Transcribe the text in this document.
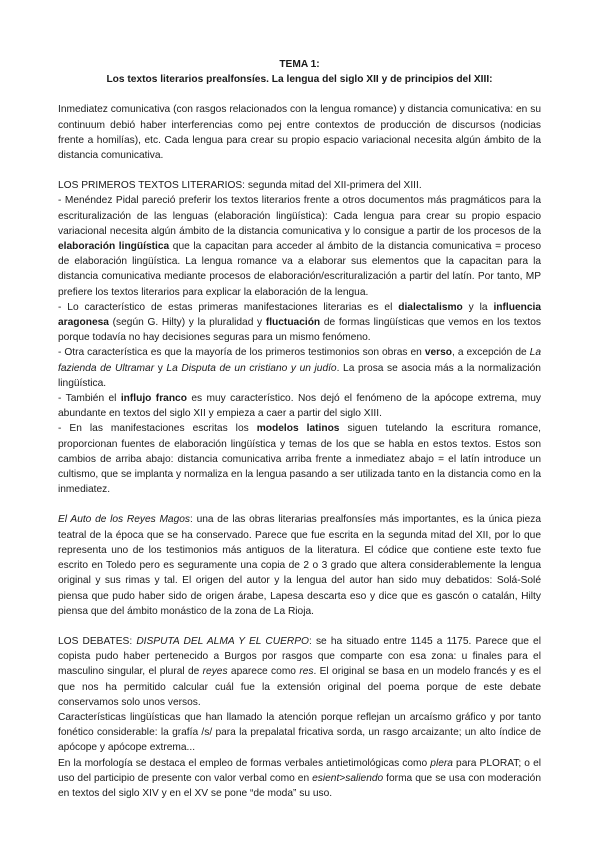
TEMA 1:
Los textos literarios prealfonsíes. La lengua del siglo XII y de principios del XIII:

Inmediatez comunicativa (con rasgos relacionados con la lengua romance) y distancia comunicativa: en su continuum debió haber interferencias como pej entre contextos de producción de discursos (nodicias frente a homilías), etc. Cada lengua para crear su propio espacio variacional necesita algún ámbito de la distancia comunicativa.

LOS PRIMEROS TEXTOS LITERARIOS: segunda mitad del XII-primera del XIII.

- Menéndez Pidal pareció preferir los textos literarios frente a otros documentos más pragmáticos para la escrituralización de las lenguas (elaboración lingüística): Cada lengua para crear su propio espacio variacional necesita algún ámbito de la distancia comunicativa y lo consigue a partir de los procesos de la elaboración lingüística que la capacitan para acceder al ámbito de la distancia comunicativa = proceso de elaboración lingüística. La lengua romance va a elaborar sus elementos que la capacitan para la distancia comunicativa mediante procesos de elaboración/escrituralización a partir del latín. Por tanto, MP prefiere los textos literarios para explicar la elaboración de la lengua.

- Lo característico de estas primeras manifestaciones literarias es el dialectalismo y la influencia aragonesa (según G. Hilty) y la pluralidad y fluctuación de formas lingüísticas que vemos en los textos porque todavía no hay decisiones seguras para un mismo fenómeno.

- Otra característica es que la mayoría de los primeros testimonios son obras en verso, a excepción de La fazienda de Ultramar y La Disputa de un cristiano y un judío. La prosa se asocia más a la normalización lingüística.

- También el influjo franco es muy característico. Nos dejó el fenómeno de la apócope extrema, muy abundante en textos del siglo XII y empieza a caer a partir del siglo XIII.

- En las manifestaciones escritas los modelos latinos siguen tutelando la escritura romance, proporcionan fuentes de elaboración lingüística y temas de los que se habla en estos textos. Estos son cambios de arriba abajo: distancia comunicativa arriba frente a inmediatez abajo = el latín introduce un cultismo, que se implanta y normaliza en la lengua pasando a ser utilizada tanto en la distancia como en la inmediatez.

El Auto de los Reyes Magos: una de las obras literarias prealfonsíes más importantes, es la única pieza teatral de la época que se ha conservado. Parece que fue escrita en la segunda mitad del XII, por lo que representa uno de los testimonios más antiguos de la literatura. El códice que contiene este texto fue escrito en Toledo pero es seguramente una copia de 2 o 3 grado que altera considerablemente la lengua original y sus rimas y tal. El origen del autor y la lengua del autor han sido muy debatidos: Solá-Solé piensa que pudo haber sido de origen árabe, Lapesa descarta eso y dice que es gascón o catalán, Hilty piensa que del ámbito monástico de la zona de La Rioja.

LOS DEBATES: DISPUTA DEL ALMA Y EL CUERPO: se ha situado entre 1145 a 1175. Parece que el copista pudo haber pertenecido a Burgos por rasgos que comparte con esa zona: u finales para el masculino singular, el plural de reyes aparece como res. El original se basa en un modelo francés y es el que nos ha permitido calcular cuál fue la extensión original del poema porque de este debate conservamos solo unos versos.

Características lingüísticas que han llamado la atención porque reflejan un arcaísmo gráfico y por tanto fonético considerable: la grafía /s/ para la prepalatal fricativa sorda, un rasgo arcaizante; un alto índice de apócope y apócope extrema...

En la morfología se destaca el empleo de formas verbales antietimológicas como plera para PLORAT; o el uso del participio de presente con valor verbal como en esient>saliendo forma que se usa con moderación en textos del siglo XIV y en el XV se pone “de moda” su uso.
